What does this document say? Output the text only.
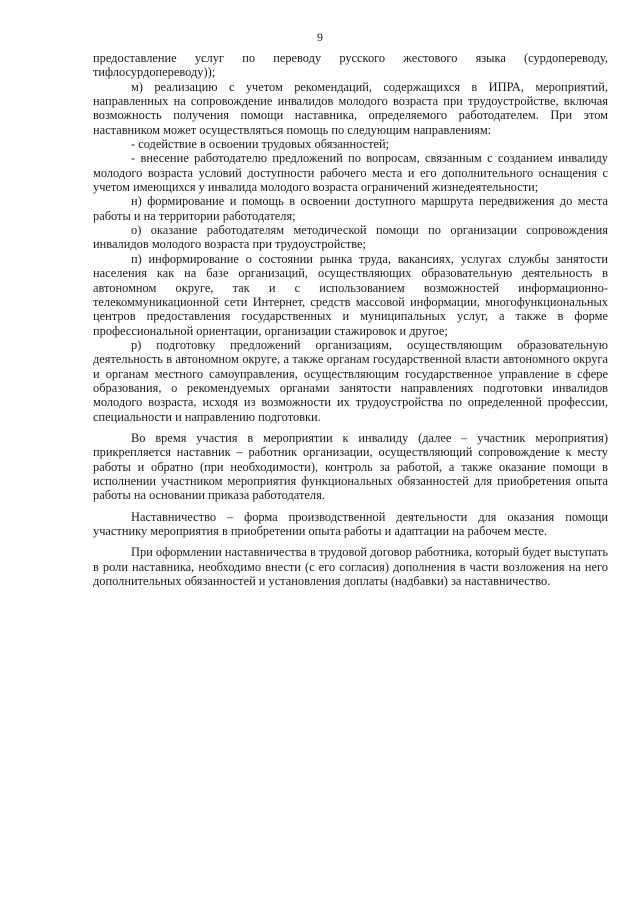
9

предоставление услуг по переводу русского жестового языка (сурдопереводу, тифлосурдопереводу));

м) реализацию с учетом рекомендаций, содержащихся в ИПРА, мероприятий, направленных на сопровождение инвалидов молодого возраста при трудоустройстве, включая возможность получения помощи наставника, определяемого работодателем. При этом наставником может осуществляться помощь по следующим направлениям:

- содействие в освоении трудовых обязанностей;

- внесение работодателю предложений по вопросам, связанным с созданием инвалиду молодого возраста условий доступности рабочего места и его дополнительного оснащения с учетом имеющихся у инвалида молодого возраста ограничений жизнедеятельности;

н) формирование и помощь в освоении доступного маршрута передвижения до места работы и на территории работодателя;

о) оказание работодателям методической помощи по организации сопровождения инвалидов молодого возраста при трудоустройстве;

п) информирование о состоянии рынка труда, вакансиях, услугах службы занятости населения как на базе организаций, осуществляющих образовательную деятельность в автономном округе, так и с использованием возможностей информационно-телекоммуникационной сети Интернет, средств массовой информации, многофункциональных центров предоставления государственных и муниципальных услуг, а также в форме профессиональной ориентации, организации стажировок и другое;

р) подготовку предложений организациям, осуществляющим образовательную деятельность в автономном округе, а также органам государственной власти автономного округа и органам местного самоуправления, осуществляющим государственное управление в сфере образования, о рекомендуемых органами занятости направлениях подготовки инвалидов молодого возраста, исходя из возможности их трудоустройства по определенной профессии, специальности и направлению подготовки.

Во время участия в мероприятии к инвалиду (далее – участник мероприятия) прикрепляется наставник – работник организации, осуществляющий сопровождение к месту работы и обратно (при необходимости), контроль за работой, а также оказание помощи в исполнении участником мероприятия функциональных обязанностей для приобретения опыта работы на основании приказа работодателя.

Наставничество – форма производственной деятельности для оказания помощи участнику мероприятия в приобретении опыта работы и адаптации на рабочем месте.

При оформлении наставничества в трудовой договор работника, который будет выступать в роли наставника, необходимо внести (с его согласия) дополнения в части возложения на него дополнительных обязанностей и установления доплаты (надбавки) за наставничество.
